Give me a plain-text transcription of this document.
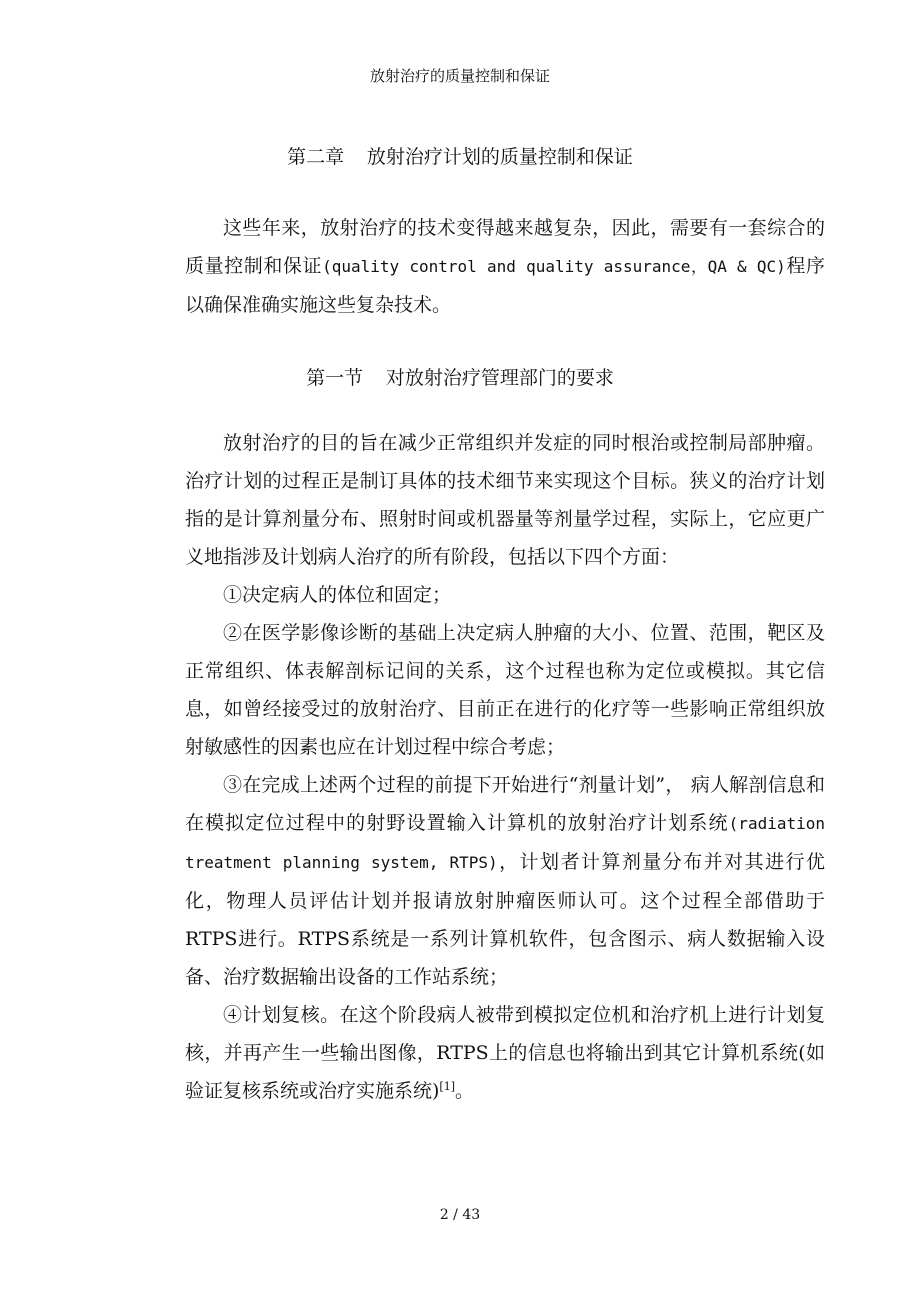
放射治疗的质量控制和保证
第二章 放射治疗计划的质量控制和保证

这些年来，放射治疗的技术变得越来越复杂，因此，需要有一套综合的质量控制和保证(quality control and quality assurance，QA & QC)程序以确保准确实施这些复杂技术。

第一节 对放射治疗管理部门的要求

放射治疗的目的旨在减少正常组织并发症的同时根治或控制局部肿瘤。治疗计划的过程正是制订具体的技术细节来实现这个目标。狭义的治疗计划指的是计算剂量分布、照射时间或机器量等剂量学过程，实际上，它应更广义地指涉及计划病人治疗的所有阶段，包括以下四个方面：

①决定病人的体位和固定；

②在医学影像诊断的基础上决定病人肿瘤的大小、位置、范围，靶区及正常组织、体表解剖标记间的关系，这个过程也称为定位或模拟。其它信息，如曾经接受过的放射治疗、目前正在进行的化疗等一些影响正常组织放射敏感性的因素也应在计划过程中综合考虑；

③在完成上述两个过程的前提下开始进行“剂量计划”， 病人解剖信息和在模拟定位过程中的射野设置输入计算机的放射治疗计划系统(radiation treatment planning system, RTPS)，计划者计算剂量分布并对其进行优化，物理人员评估计划并报请放射肿瘤医师认可。这个过程全部借助于RTPS进行。RTPS系统是一系列计算机软件，包含图示、病人数据输入设备、治疗数据输出设备的工作站系统；

④计划复核。在这个阶段病人被带到模拟定位机和治疗机上进行计划复核，并再产生一些输出图像，RTPS上的信息也将输出到其它计算机系统(如验证复核系统或治疗实施系统)[1]。

2 / 43
